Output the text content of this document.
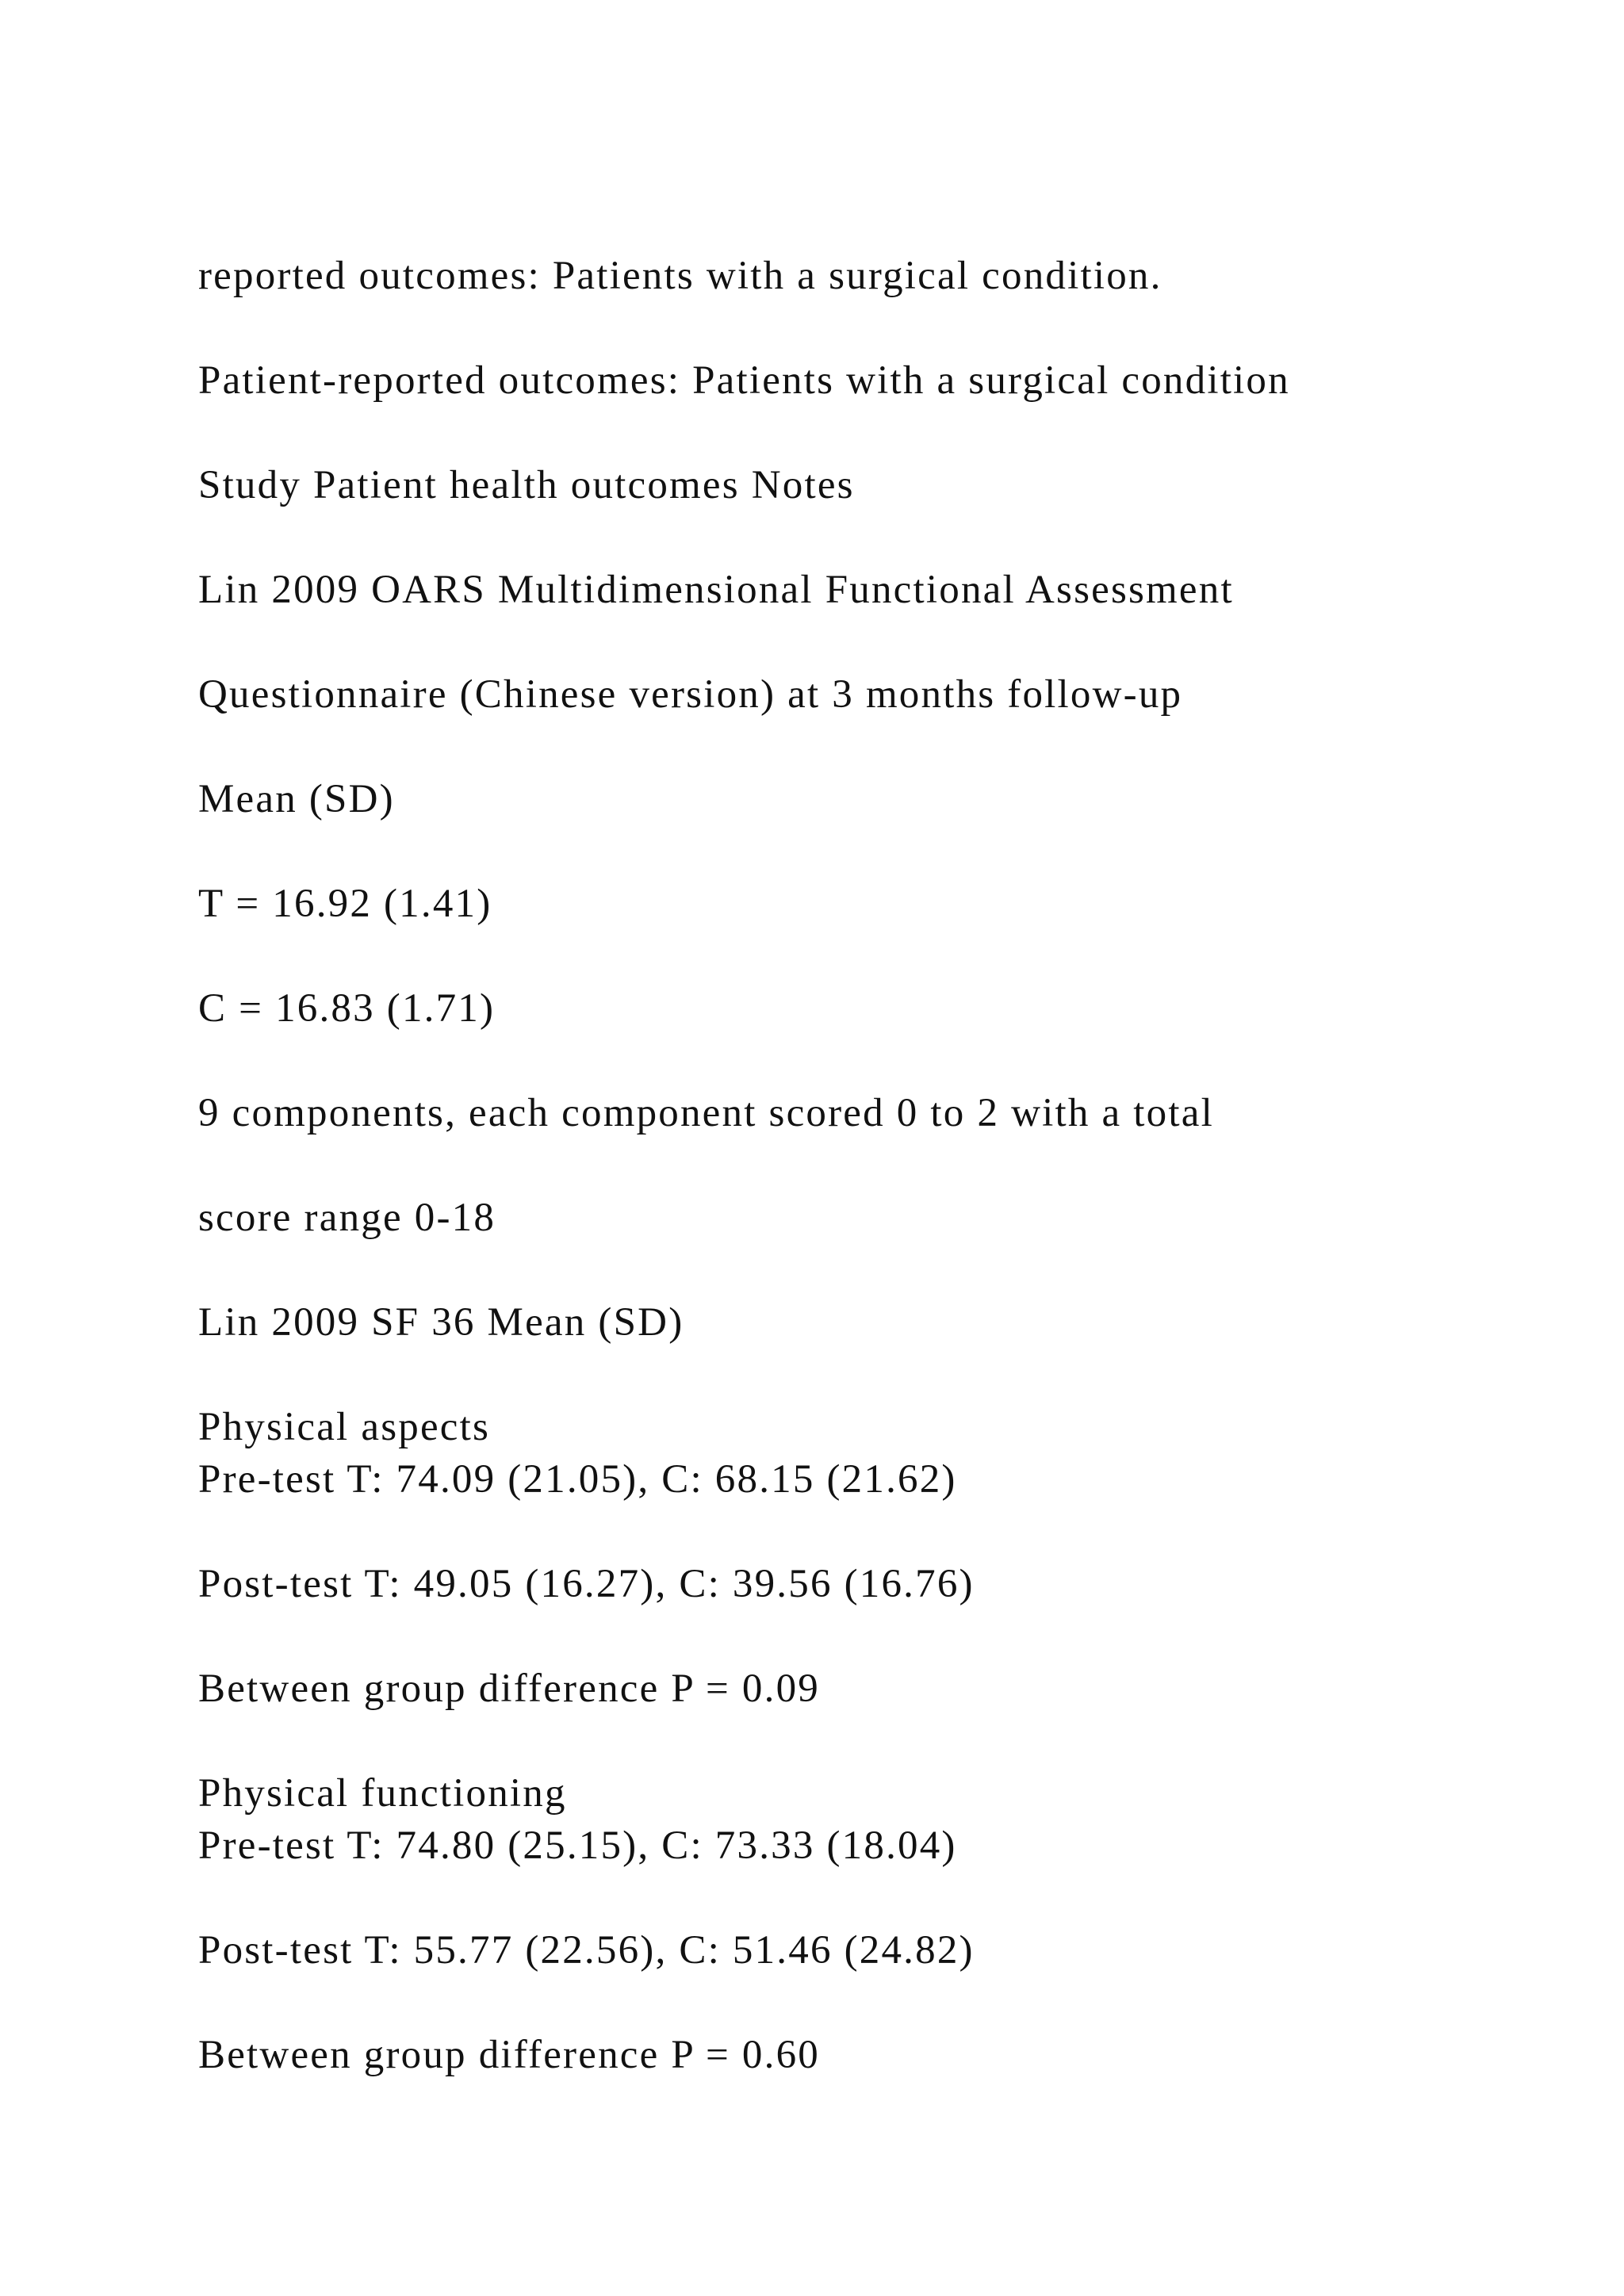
reported outcomes: Patients with a surgical condition.
Patient-reported outcomes: Patients with a surgical condition
Study Patient health outcomes Notes
Lin 2009 OARS Multidimensional Functional Assessment
Questionnaire (Chinese version) at 3 months follow-up
Mean (SD)
T = 16.92 (1.41)
C = 16.83 (1.71)
9 components, each component scored 0 to 2 with a total
score range 0-18
Lin 2009 SF 36 Mean (SD)
Physical aspects
Pre-test T: 74.09 (21.05), C: 68.15 (21.62)
Post-test T: 49.05 (16.27), C: 39.56 (16.76)
Between group difference P = 0.09
Physical functioning
Pre-test T: 74.80 (25.15), C: 73.33 (18.04)
Post-test T: 55.77 (22.56), C: 51.46 (24.82)
Between group difference P = 0.60
